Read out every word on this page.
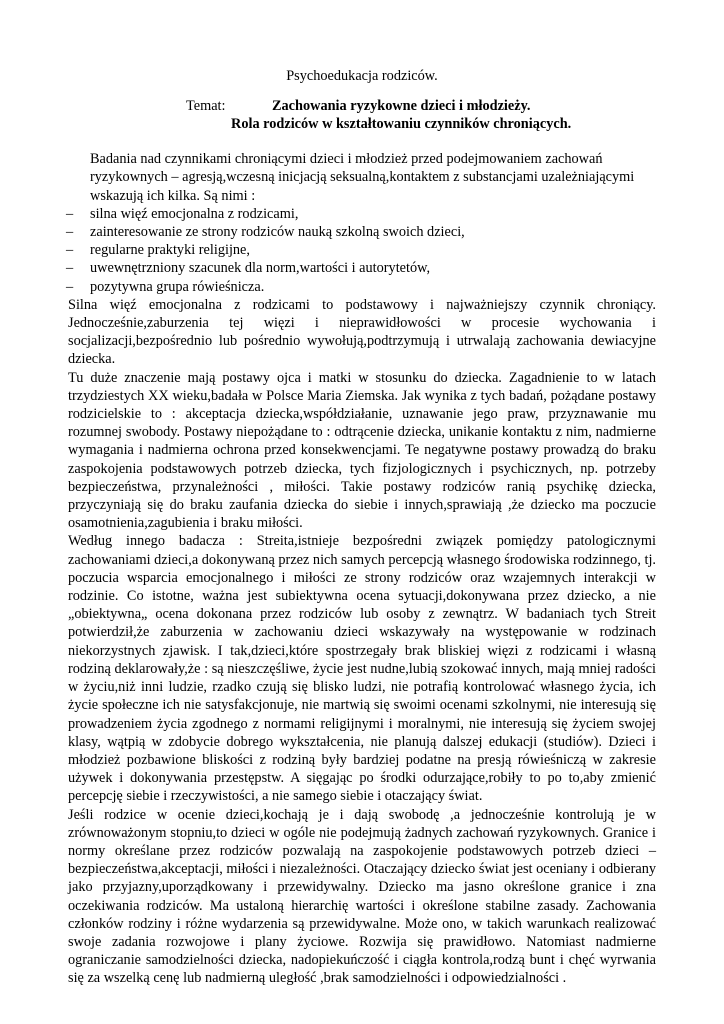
Psychoedukacja rodziców.
Temat:	Zachowania ryzykowne dzieci i młodzieży.
Rola rodziców w kształtowaniu czynników chroniących.
Badania nad czynnikami chroniącymi dzieci i młodzież przed podejmowaniem zachowań ryzykownych – agresją,wczesną inicjacją seksualną,kontaktem z substancjami uzależniającymi wskazują ich kilka. Są nimi :
– silna więź emocjonalna z rodzicami,
– zainteresowanie ze strony rodziców nauką szkolną swoich dzieci,
– regularne praktyki religijne,
– uwewnętrzniony szacunek dla norm,wartości i autorytetów,
– pozytywna grupa rówieśnicza.

Silna więź emocjonalna z rodzicami to podstawowy i najważniejszy czynnik chroniący. Jednocześnie,zaburzenia tej więzi i nieprawidłowości w procesie wychowania i socjalizacji,bezpośrednio lub pośrednio wywołują,podtrzymują i utrwalają zachowania dewiacyjne dziecka.

Tu duże znaczenie mają postawy ojca i matki w stosunku do dziecka. Zagadnienie to w latach trzydziestych XX wieku,badała w Polsce Maria Ziemska. Jak wynika z tych badań, pożądane postawy rodzicielskie to : akceptacja dziecka,współdziałanie, uznawanie jego praw, przyznawanie mu rozumnej swobody. Postawy niepożądane to : odtrącenie dziecka, unikanie kontaktu z nim, nadmierne wymagania i nadmierna ochrona przed konsekwencjami. Te negatywne postawy prowadzą do braku zaspokojenia podstawowych potrzeb dziecka, tych fizjologicznych i psychicznych, np. potrzeby bezpieczeństwa, przynależności , miłości. Takie postawy rodziców ranią psychikę dziecka, przyczyniają się do braku zaufania dziecka do siebie i innych,sprawiają ,że dziecko ma poczucie osamotnienia,zagubienia i braku miłości.

Według innego badacza : Streita,istnieje bezpośredni związek pomiędzy patologicznymi zachowaniami dzieci,a dokonywaną przez nich samych percepcją własnego środowiska rodzinnego, tj. poczucia wsparcia emocjonalnego i miłości ze strony rodziców oraz wzajemnych interakcji w rodzinie. Co istotne, ważna jest subiektywna ocena sytuacji,dokonywana przez dziecko, a nie „obiektywna„ ocena dokonana przez rodziców lub osoby z zewnątrz. W badaniach tych Streit potwierdził,że zaburzenia w zachowaniu dzieci wskazywały na występowanie w rodzinach niekorzystnych zjawisk. I tak,dzieci,które spostrzegały brak bliskiej więzi z rodzicami i własną rodziną deklarowały,że : są nieszczęśliwe, życie jest nudne,lubią szokować innych, mają mniej radości w życiu,niż inni ludzie, rzadko czują się blisko ludzi, nie potrafią kontrolować własnego życia, ich życie społeczne ich nie satysfakcjonuje, nie martwią się swoimi ocenami szkolnymi, nie interesują się prowadzeniem życia zgodnego z normami religijnymi i moralnymi, nie interesują się życiem swojej klasy, wątpią w zdobycie dobrego wykształcenia, nie planują dalszej edukacji (studiów). Dzieci i młodzież pozbawione bliskości z rodziną były bardziej podatne na presją rówieśniczą w zakresie używek i dokonywania przestępstw. A sięgając po środki odurzające,robiły to po to,aby zmienić percepcję siebie i rzeczywistości, a nie samego siebie i otaczający świat.

Jeśli rodzice w ocenie dzieci,kochają je i dają swobodę ,a jednocześnie kontrolują je w zrównoważonym stopniu,to dzieci w ogóle nie podejmują żadnych zachowań ryzykownych. Granice i normy określane przez rodziców pozwalają na zaspokojenie podstawowych potrzeb dzieci – bezpieczeństwa,akceptacji, miłości i niezależności. Otaczający dziecko świat jest oceniany i odbierany jako przyjazny,uporządkowany i przewidywalny. Dziecko ma jasno określone granice i zna oczekiwania rodziców. Ma ustaloną hierarchię wartości i określone stabilne zasady. Zachowania członków rodziny i różne wydarzenia są przewidywalne. Może ono, w takich warunkach realizować swoje zadania rozwojowe i plany życiowe. Rozwija się prawidłowo. Natomiast nadmierne ograniczanie samodzielności dziecka, nadopiekuńczość i ciągła kontrola,rodzą bunt i chęć wyrwania się za wszelką cenę lub nadmierną uległość ,brak samodzielności i odpowiedzialności .
